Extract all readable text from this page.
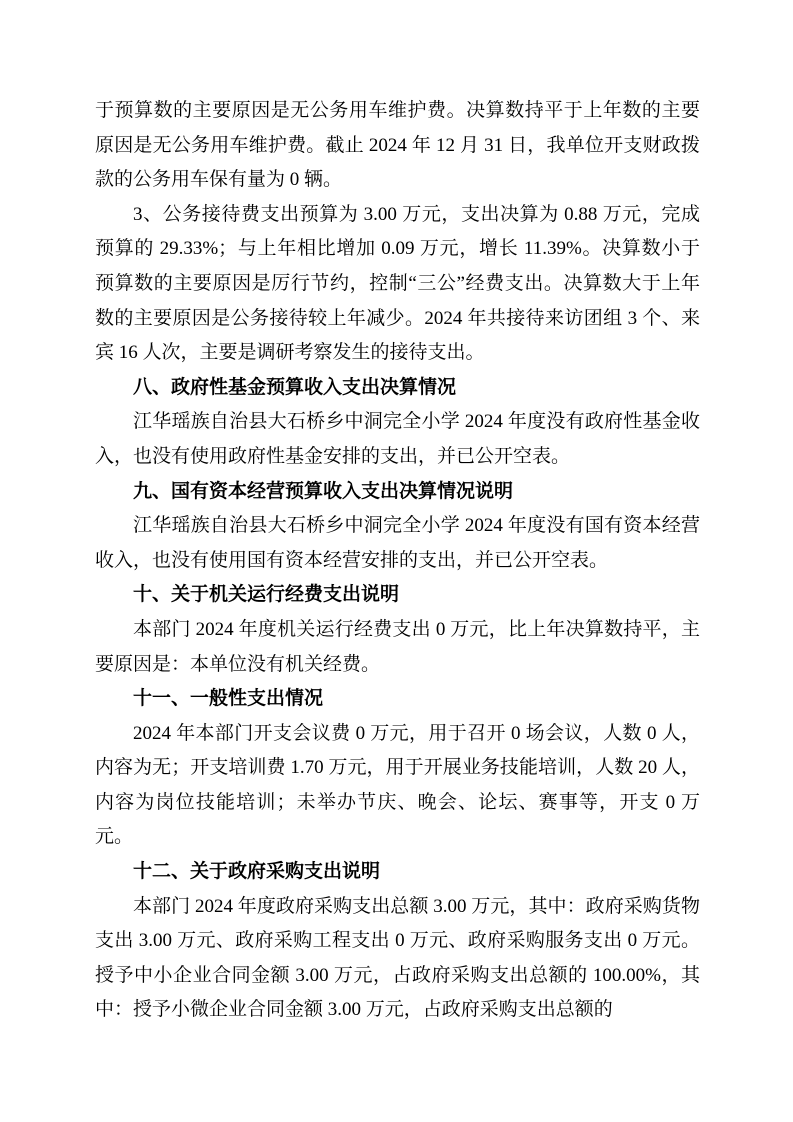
于预算数的主要原因是无公务用车维护费。决算数持平于上年数的主要原因是无公务用车维护费。截止 2024 年 12 月 31 日，我单位开支财政拨款的公务用车保有量为 0 辆。

3、公务接待费支出预算为 3.00 万元，支出决算为 0.88 万元，完成预算的 29.33%；与上年相比增加 0.09 万元，增长 11.39%。决算数小于预算数的主要原因是厉行节约，控制“三公”经费支出。决算数大于上年数的主要原因是公务接待较上年减少。2024 年共接待来访团组 3 个、来宾 16 人次，主要是调研考察发生的接待支出。

八、政府性基金预算收入支出决算情况

江华瑶族自治县大石桥乡中洞完全小学 2024 年度没有政府性基金收入，也没有使用政府性基金安排的支出，并已公开空表。

九、国有资本经营预算收入支出决算情况说明

江华瑶族自治县大石桥乡中洞完全小学 2024 年度没有国有资本经营收入，也没有使用国有资本经营安排的支出，并已公开空表。

十、关于机关运行经费支出说明

本部门 2024 年度机关运行经费支出 0 万元，比上年决算数持平，主要原因是：本单位没有机关经费。

十一、一般性支出情况

2024 年本部门开支会议费 0 万元，用于召开 0 场会议，人数 0 人，内容为无；开支培训费 1.70 万元，用于开展业务技能培训，人数 20 人，内容为岗位技能培训；未举办节庆、晚会、论坛、赛事等，开支 0 万元。

十二、关于政府采购支出说明

本部门 2024 年度政府采购支出总额 3.00 万元，其中：政府采购货物支出 3.00 万元、政府采购工程支出 0 万元、政府采购服务支出 0 万元。授予中小企业合同金额 3.00 万元，占政府采购支出总额的 100.00%，其中：授予小微企业合同金额 3.00 万元，占政府采购支出总额的
